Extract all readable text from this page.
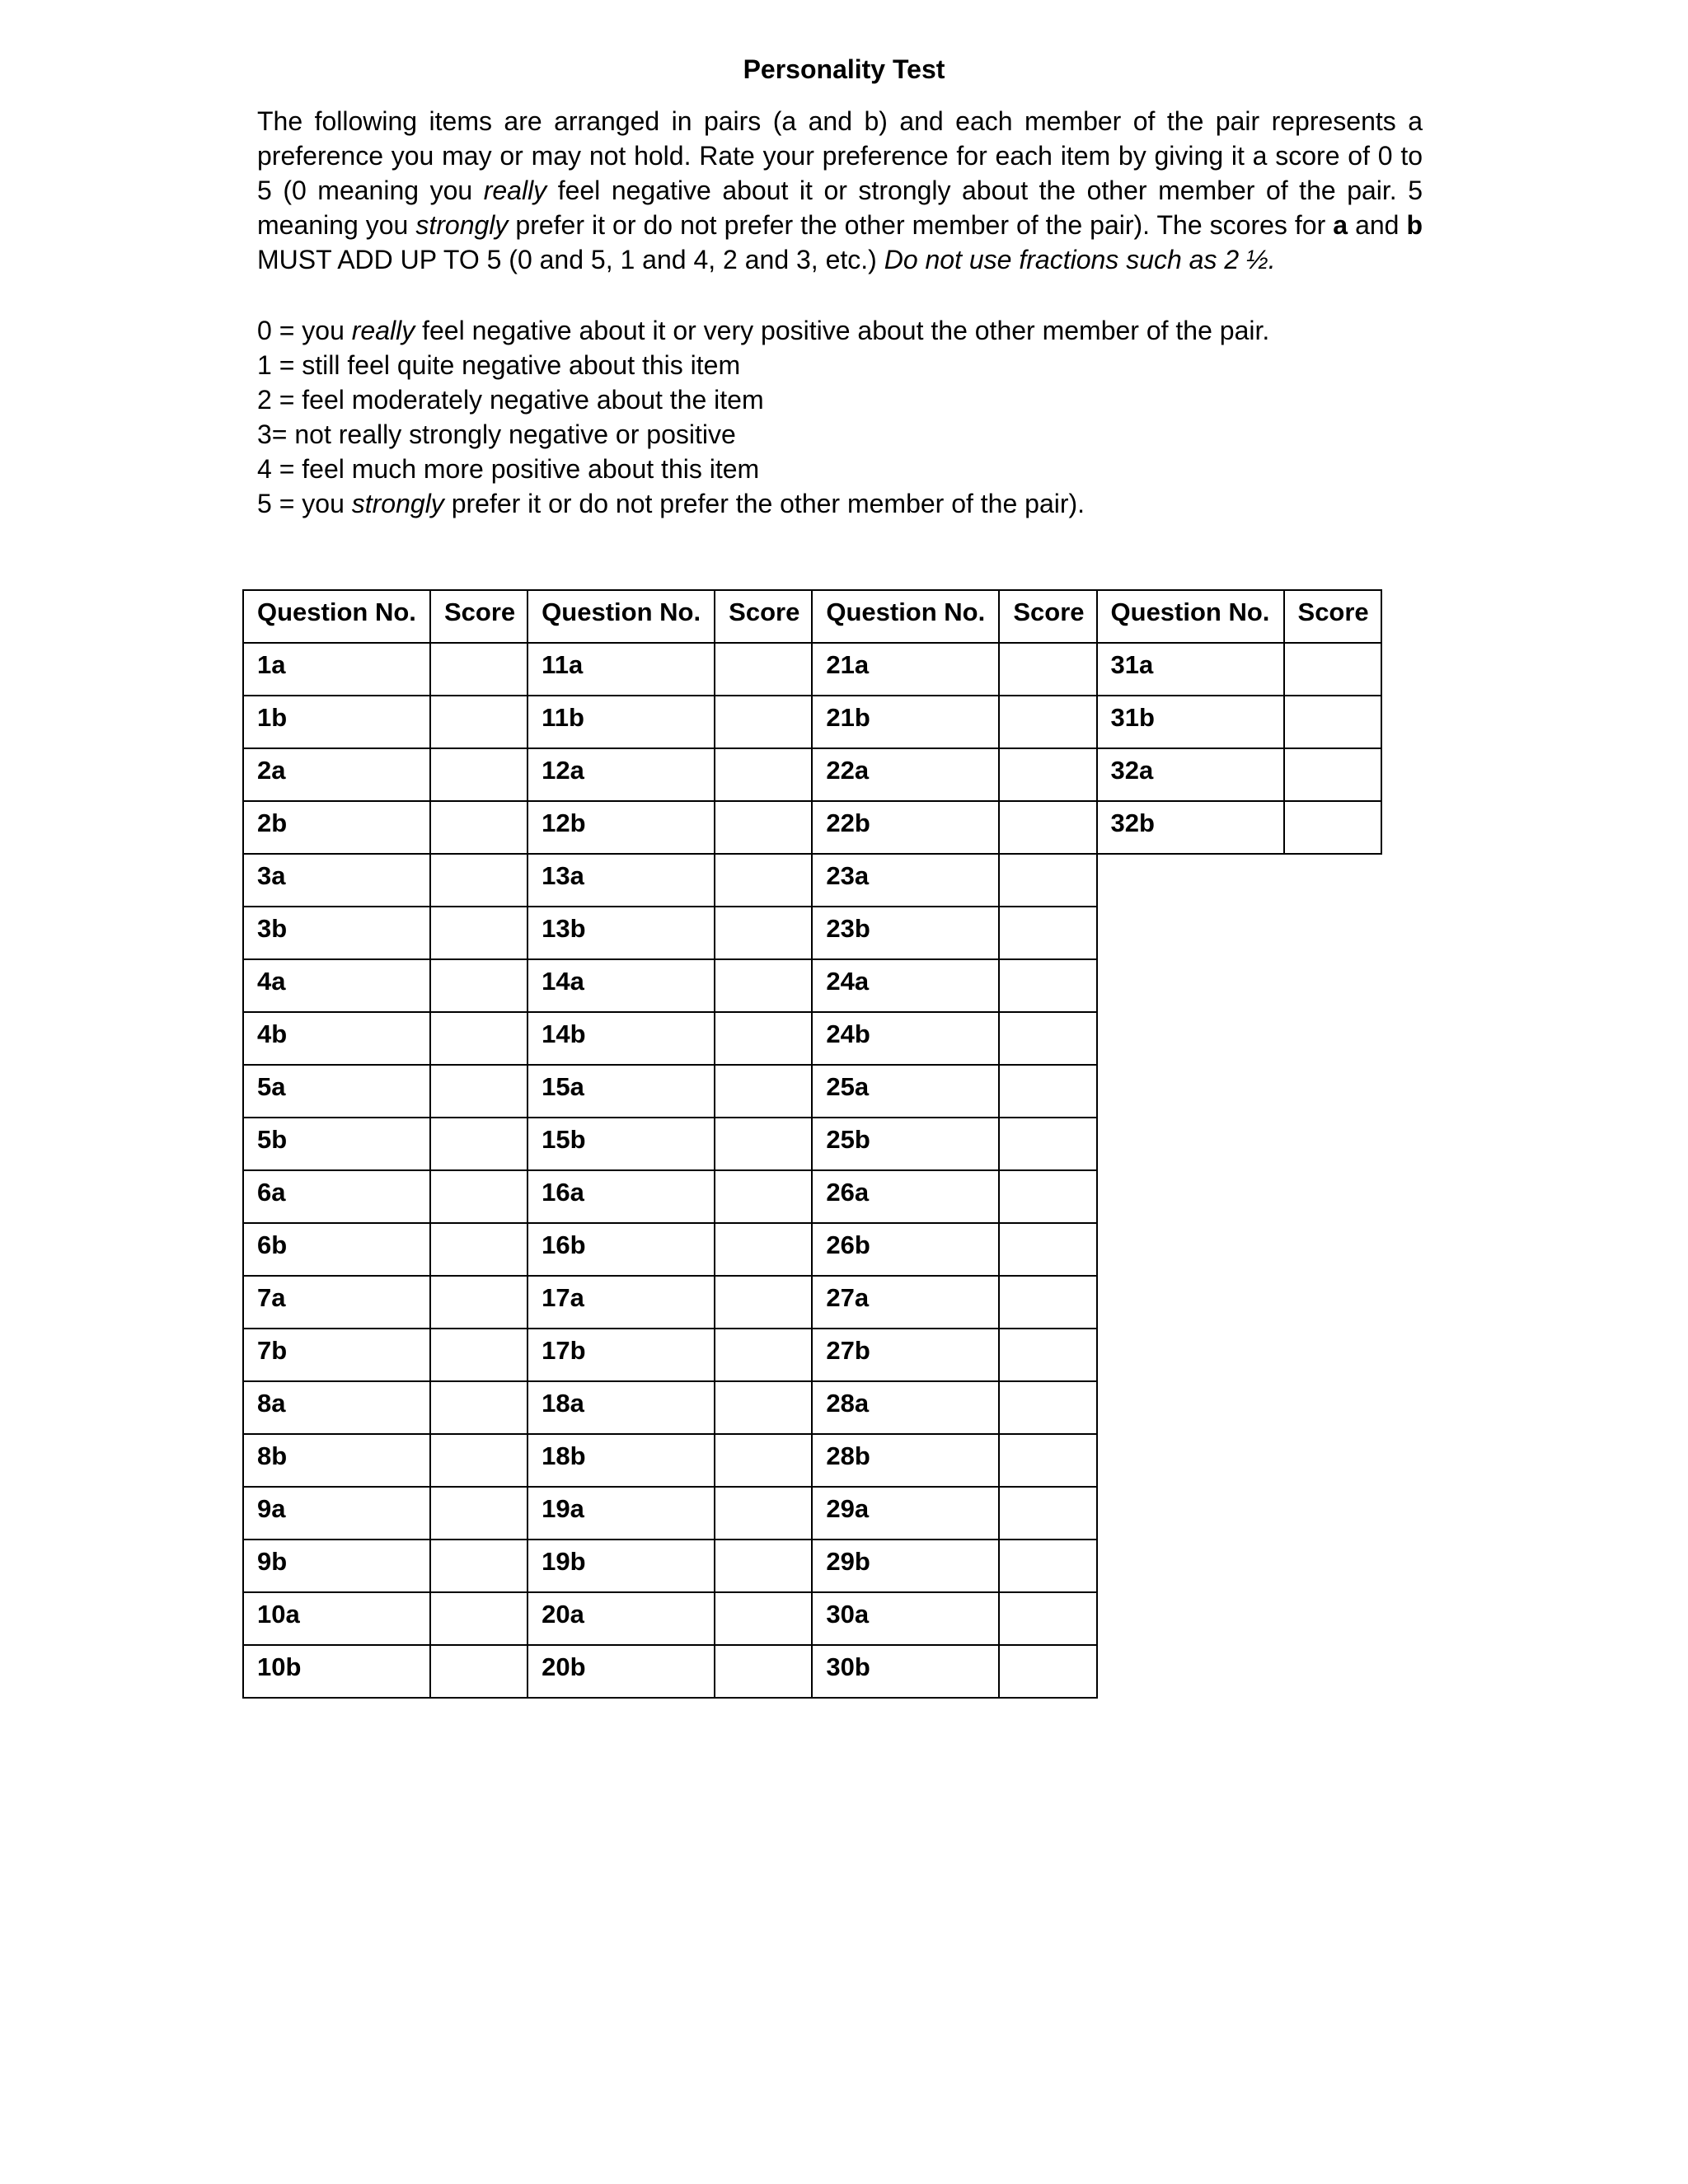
Personality Test
The following items are arranged in pairs (a and b) and each member of the pair represents a preference you may or may not hold. Rate your preference for each item by giving it a score of 0 to 5 (0 meaning you really feel negative about it or strongly about the other member of the pair. 5 meaning you strongly prefer it or do not prefer the other member of the pair). The scores for a and b MUST ADD UP TO 5 (0 and 5, 1 and 4, 2 and 3, etc.) Do not use fractions such as 2 ½.
0 = you really feel negative about it or very positive about the other member of the pair.
1 = still feel quite negative about this item
2 = feel moderately negative about the item
3= not really strongly negative or positive
4 = feel much more positive about this item
5 = you strongly prefer it or do not prefer the other member of the pair).
Question No.	Score	Question No.	Score	Question No.	Score	Question No.	Score
1a		11a		21a		31a	
1b		11b		21b		31b	
2a		12a		22a		32a	
2b		12b		22b		32b	
3a		13a		23a			
3b		13b		23b			
4a		14a		24a			
4b		14b		24b			
5a		15a		25a			
5b		15b		25b			
6a		16a		26a			
6b		16b		26b			
7a		17a		27a			
7b		17b		27b			
8a		18a		28a			
8b		18b		28b			
9a		19a		29a			
9b		19b		29b			
10a		20a		30a			
10b		20b		30b			
